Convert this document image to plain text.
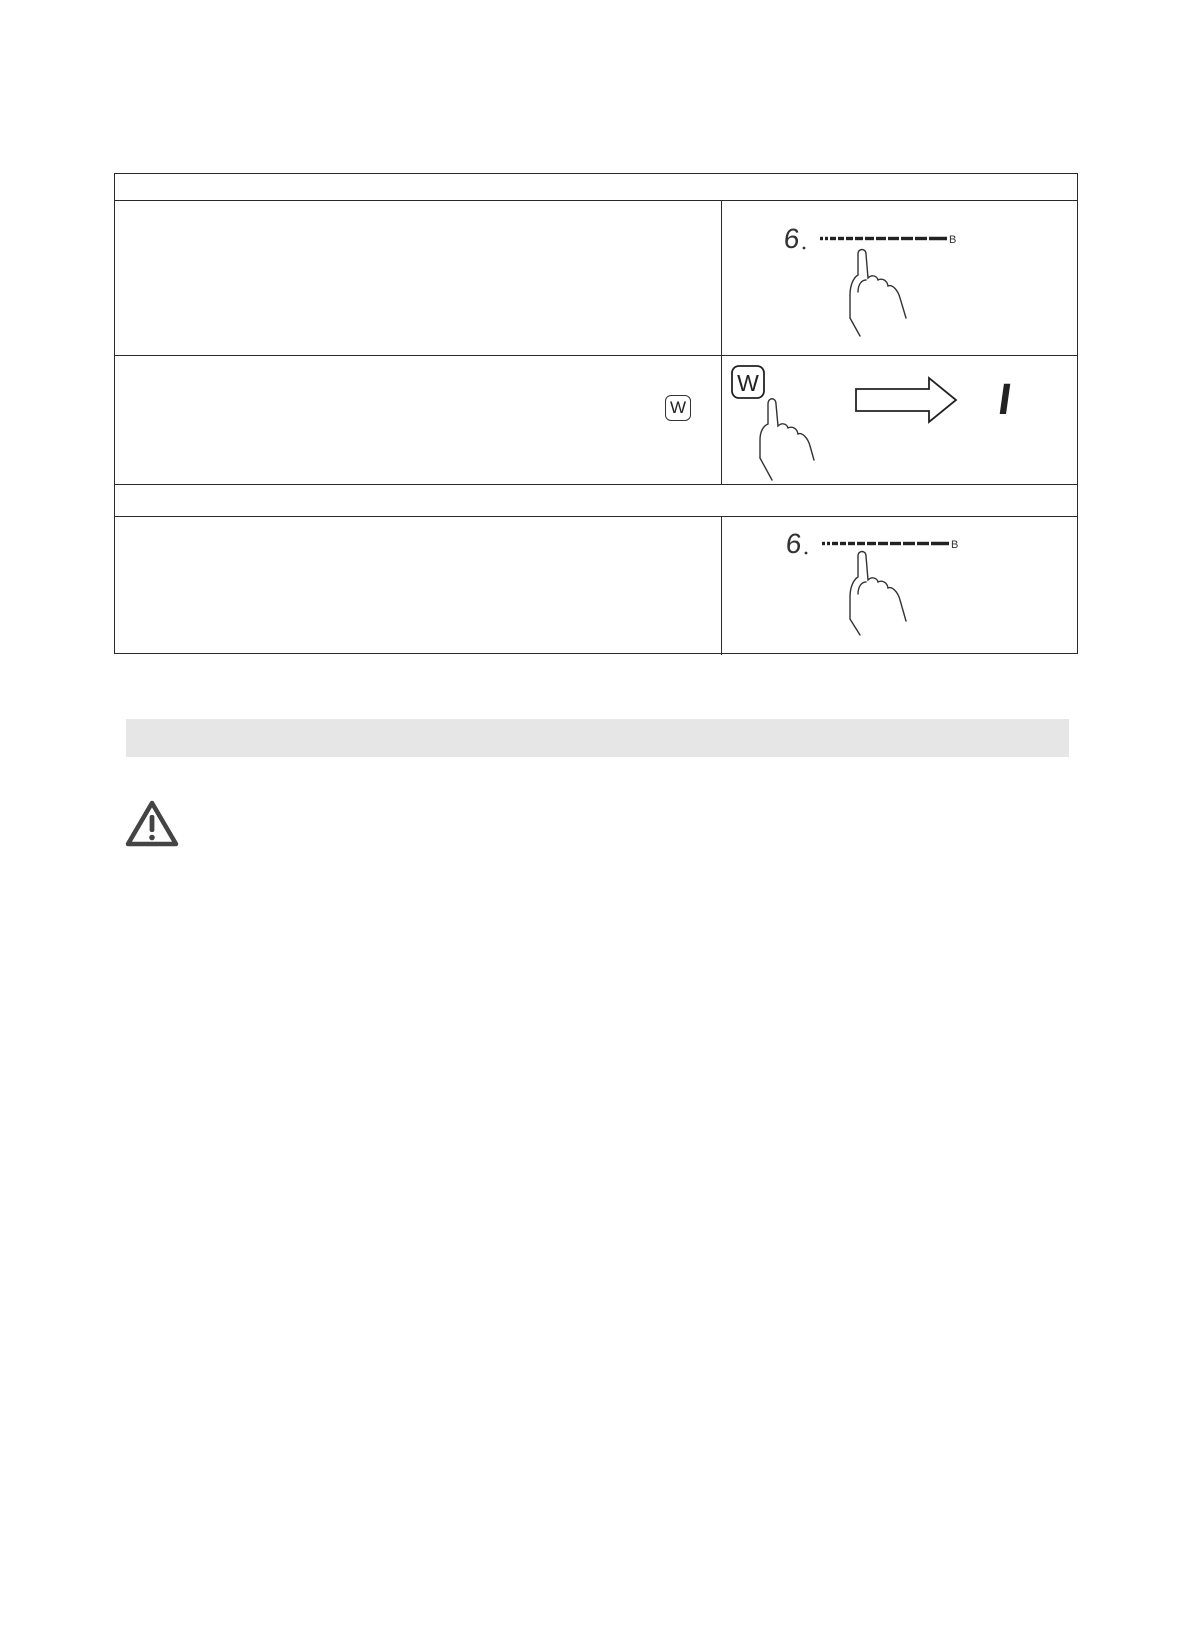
W
6	B
W	I
6	B
